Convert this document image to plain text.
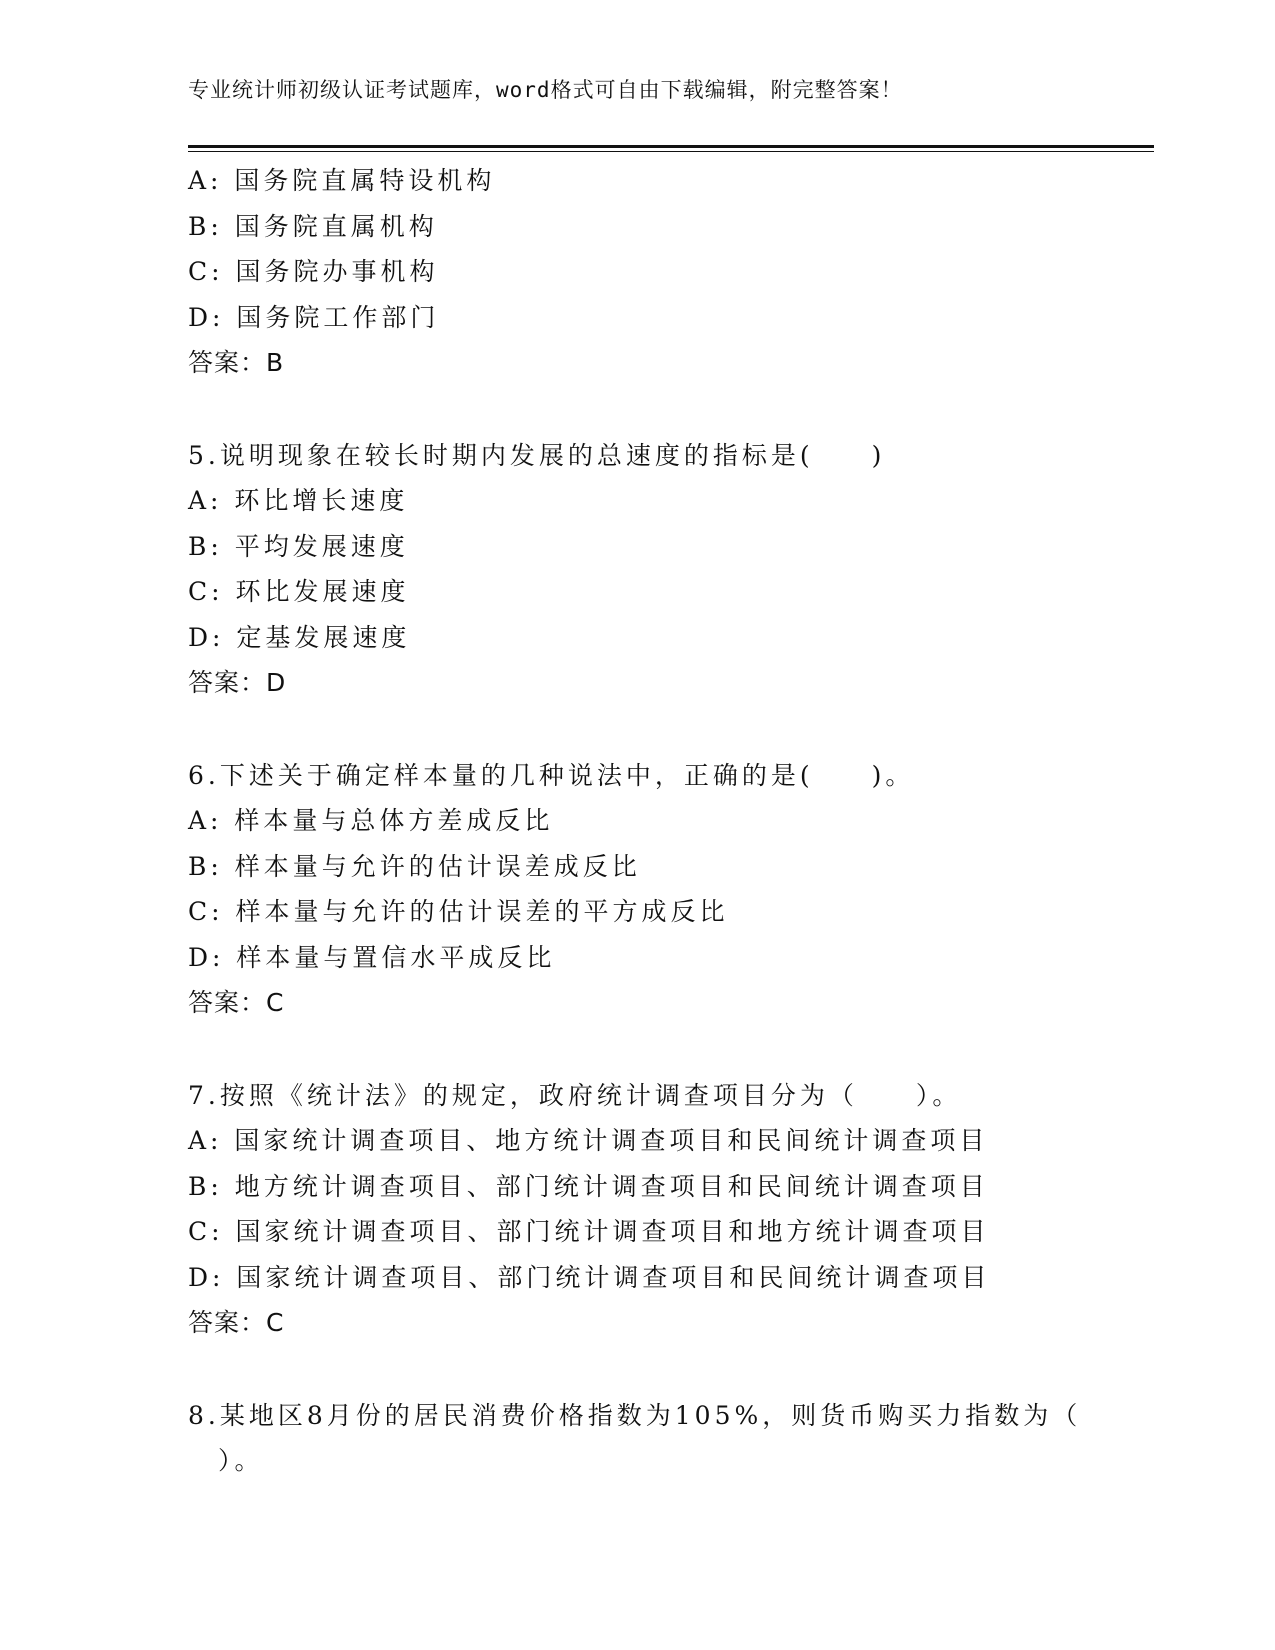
专业统计师初级认证考试题库，word格式可自由下载编辑，附完整答案！
A: 国务院直属特设机构
B: 国务院直属机构
C: 国务院办事机构
D: 国务院工作部门
答案：B
5.说明现象在较长时期内发展的总速度的指标是(　　)
A: 环比增长速度
B: 平均发展速度
C: 环比发展速度
D: 定基发展速度
答案：D
6.下述关于确定样本量的几种说法中，正确的是(　　)。
A: 样本量与总体方差成反比
B: 样本量与允许的估计误差成反比
C: 样本量与允许的估计误差的平方成反比
D: 样本量与置信水平成反比
答案：C
7.按照《统计法》的规定，政府统计调查项目分为（　　）。
A: 国家统计调查项目、地方统计调查项目和民间统计调查项目
B: 地方统计调查项目、部门统计调查项目和民间统计调查项目
C: 国家统计调查项目、部门统计调查项目和地方统计调查项目
D: 国家统计调查项目、部门统计调查项目和民间统计调查项目
答案：C
8.某地区8月份的居民消费价格指数为105%，则货币购买力指数为（
）。
